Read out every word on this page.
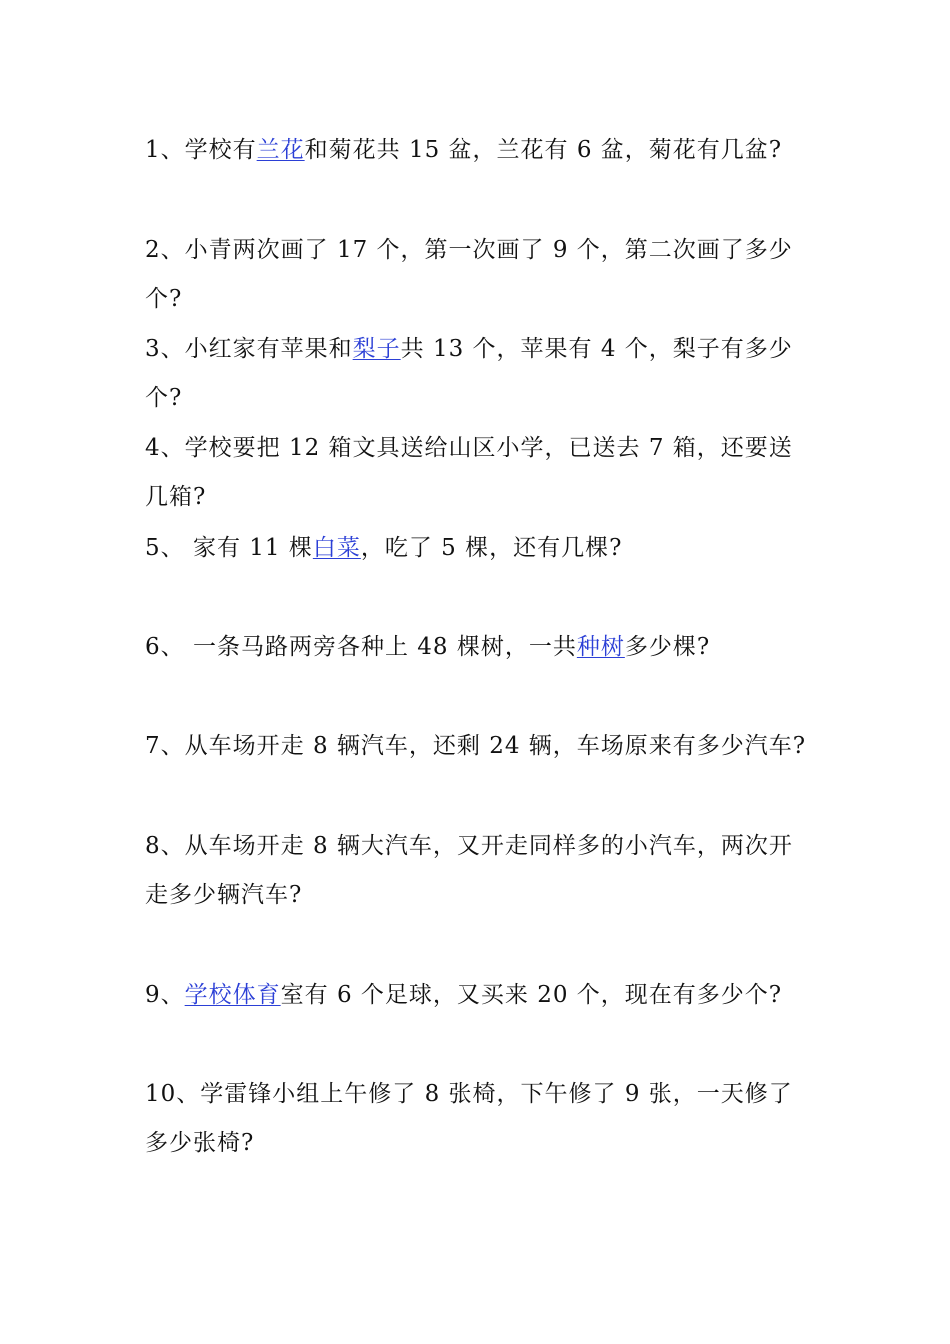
1、学校有兰花和菊花共 15 盆，兰花有 6 盆，菊花有几盆?
2、小青两次画了 17 个，第一次画了 9 个，第二次画了多少个?
3、小红家有苹果和梨子共 13 个，苹果有 4 个，梨子有多少个?
4、学校要把 12 箱文具送给山区小学，已送去 7 箱，还要送几箱?
5、 家有 11 棵白菜，吃了 5 棵，还有几棵?
6、 一条马路两旁各种上 48 棵树，一共种树多少棵?
7、从车场开走 8 辆汽车，还剩 24 辆，车场原来有多少汽车?
8、从车场开走 8 辆大汽车，又开走同样多的小汽车，两次开走多少辆汽车?
9、学校体育室有 6 个足球，又买来 20 个，现在有多少个?
10、学雷锋小组上午修了 8 张椅，下午修了 9 张，一天修了多少张椅?
